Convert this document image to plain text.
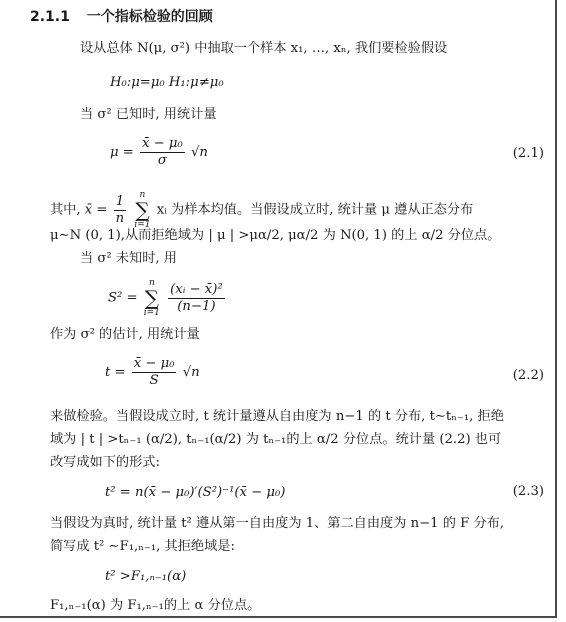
2.1.1 一个指标检验的回顾
设从总体 N(μ, σ²) 中抽取一个样本 x₁, …, xₙ, 我们要检验假设
H₀:μ=μ₀ H₁:μ≠μ₀
当 σ² 已知时, 用统计量
$\mu = \frac{\text{x̄ − μ₀}}{\sigma} √n$	(2.1)
其中, x̄ = $\frac{1}{n}$ n
∑
i=1 xᵢ 为样本均值。当假设成立时, 统计量 μ 遵从正态分布
μ∼N (0, 1),从而拒绝域为 | μ | >μα/2, μα/2 为 N(0, 1) 的上 α/2 分位点。
当 σ² 未知时, 用
S² = n
∑
$i=1 \frac{\text{(xᵢ − x̄)²}}{(n-1)}$
作为 σ² 的估计, 用统计量
$t = \frac{\text{x̄ − μ₀}}{S} √n$	(2.2)
来做检验。当假设成立时, t 统计量遵从自由度为 n−1 的 t 分布, t∼tₙ₋₁, 拒绝
域为 | t | >tₙ₋₁ (α/2), tₙ₋₁(α/2) 为 tₙ₋₁的上 α/2 分位点。统计量 (2.2) 也可
改写成如下的形式:
t² = n(x̄ − μ₀)′(S²)⁻¹(x̄ − μ₀)	(2.3)
当假设为真时, 统计量 t² 遵从第一自由度为 1、第二自由度为 n−1 的 F 分布,
简写成 t² ∼F₁,ₙ₋₁, 其拒绝域是:
t² >F₁,ₙ₋₁(α)
F₁,ₙ₋₁(α) 为 F₁,ₙ₋₁的上 α 分位点。
